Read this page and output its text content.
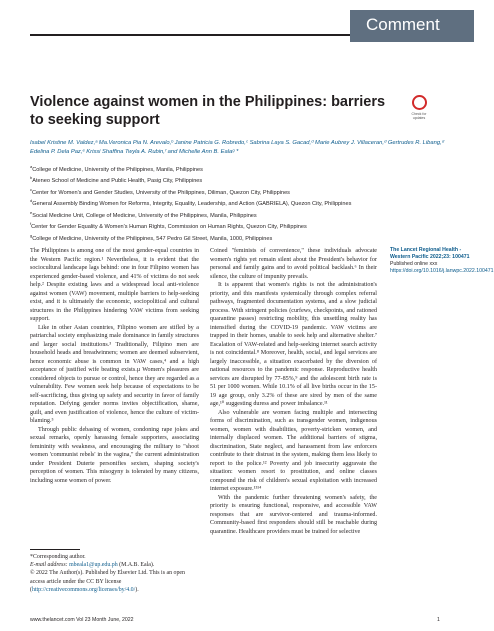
Comment
Violence against women in the Philippines: barriers to seeking support	Check for updates
Isabel Kristine M. Valdez,ᵃ Ma.Veronica Pia N. Arevalo,ᵇ Janine Patricia G. Robredo,ᶜ Sabrina Laya S. Gacad,ᵈ Marie Aubrey J. Villaceran,ᵈ Gertrudes R. Libang,ᵈ Edelina P. Dela Paz,ᵉ Krissi Shaffina Twyla A. Rubin,ᶠ and Michelle Ann B. Ealaᵍ *
$^a$College of Medicine, University of the Philippines, Manila, Philippines
$^b$Ateneo School of Medicine and Public Health, Pasig City, Philippines
$^c$Center for Women's and Gender Studies, University of the Philippines, Diliman, Quezon City, Philippines
$^d$General Assembly Binding Women for Reforms, Integrity, Equality, Leadership, and Action (GABRIELA), Quezon City, Philippines
$^e$Social Medicine Unit, College of Medicine, University of the Philippines, Manila, Philippines
$^f$Center for Gender Equality & Women's Human Rights, Commission on Human Rights, Quezon City, Philippines
$^g$College of Medicine, University of the Philippines, 547 Pedro Gil Street, Manila, 1000, Philippines

The Philippines is among one of the most gender-equal countries in the Western Pacific region.¹ Nevertheless, it is evident that the sociocultural landscape lags behind: one in four Filipino women has experienced gender-based violence, and 41% of victims do not seek help.² Despite existing laws and a widespread local anti-violence against women (VAW) movement, multiple barriers to help-seeking exist, and it is ultimately the economic, sociopolitical and cultural structures in the Philippines hindering VAW victims from seeking support.

Like in other Asian countries, Filipino women are stifled by a patriarchal society emphasizing male dominance in family structures and larger social institutions.³ Traditionally, Filipino men are household heads and breadwinners; women are deemed subservient, hence economic abuse is common in VAW cases,⁴ and a high acceptance of justified wife beating exists.µ Women's pleasures are considered objects to pursue or control, hence they are regarded as a vulnerability. Few women seek help because of expectations to be self-sacrificing, thus giving up safety and security in favor of family reputation. Defying gender norms invites objectification, shame, guilt, and even justification of violence, hence the culture of victim-blaming.⁵

Through public debasing of women, condoning rape jokes and sexual remarks, openly harassing female supporters, associating femininity with weakness, and encouraging the military to "shoot women 'communist rebels' in the vagina," the current administration under President Duterte personifies sexism, shaping society's perception of women. This misogyny is tolerated by many citizens, including some women of power.

Coined "feminists of convenience," these individuals advocate women's rights yet remain silent about the President's behavior for personal and family gains and to avoid political backlash.⁶ In their silence, the culture of impunity prevails.

It is apparent that women's rights is not the administration's priority, and this manifests systemically through complex referral pathways, fragmented documentation systems, and a slow judicial process. With stringent policies (curfews, checkpoints, and rationed quarantine passes) restricting mobility, this unsettling reality has intensified during the COVID-19 pandemic. VAW victims are trapped in their homes, unable to seek help and alternative shelter.⁷ Escalation of VAW-related and help-seeking internet search activity is not coincidental.⁸ Moreover, health, social, and legal services are largely inaccessible, a situation exacerbated by the diversion of national resources to the pandemic response. Reproductive health services are disrupted by 77-85%,⁹ and the adolescent birth rate is 51 per 1000 women. While 10.1% of all live births occur in the 15-19 age group, only 3.2% of these are sired by men of the same age,¹⁰ suggesting duress and power imbalance.¹¹

Also vulnerable are women facing multiple and intersecting forms of discrimination, such as transgender women, indigenous women, women with disabilities, poverty-stricken women, and internally displaced women. The additional barriers of stigma, discrimination, State neglect, and harassment from law enforcers contribute to their distrust in the system, making them less likely to report to the police.¹² Poverty and job insecurity aggravate the situation: women resort to prostitution, and online classes compound the risk of children's sexual exploitation with increased internet exposure.¹³¹⁴

With the pandemic further threatening women's safety, the priority is ensuring functional, responsive, and accessible VAW responses that are survivor-centered and trauma-informed. Community-based first responders should still be reachable during quarantine. Healthcare providers must be trained for selective

The Lancet Regional Health - Western Pacific 2022;23: 100471
Published online xxx
https://doi.org/10.1016/j.lanwpc.2022.100471
*Corresponding author.
E-mail address: mbeala1@up.edu.ph (M.A.B. Eala).
© 2022 The Author(s). Published by Elsevier Ltd. This is an open access article under the CC BY license (http://creativecommons.org/licenses/by/4.0/).
www.thelancet.com Vol 23 Month June, 2022	1
